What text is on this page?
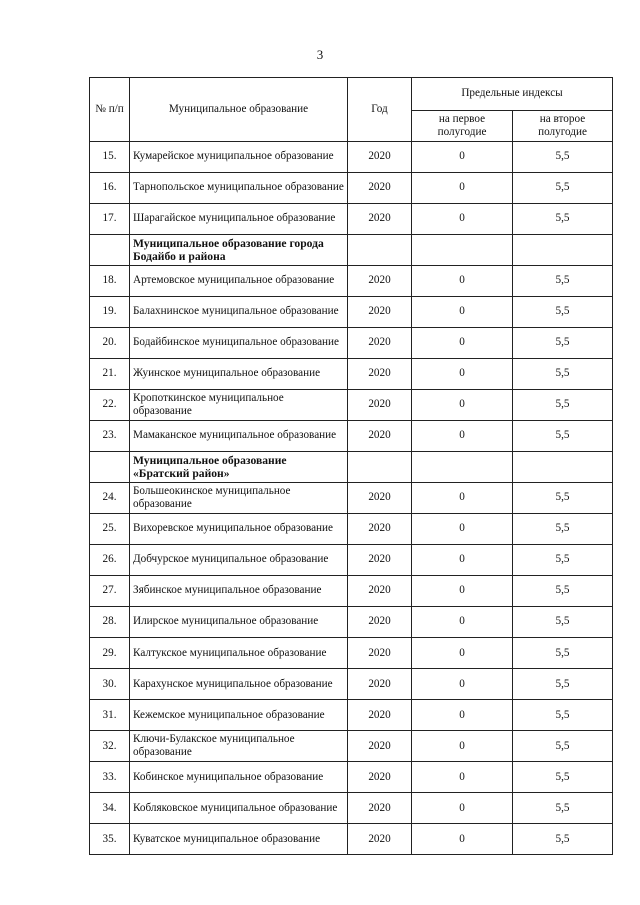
3
№ п/п	Муниципальное образование	Год	Предельные индексы	
			на первое полугодие	на второе полугодие
15.	Кумарейское муниципальное образование	2020	0	5,5
16.	Тарнопольское муниципальное образование	2020	0	5,5
17.	Шарагайское муниципальное образование	2020	0	5,5
	Муниципальное образование города Бодайбо и района			
18.	Артемовское муниципальное образование	2020	0	5,5
19.	Балахнинское муниципальное образование	2020	0	5,5
20.	Бодайбинское муниципальное образование	2020	0	5,5
21.	Жуинское муниципальное образование	2020	0	5,5
22.	Кропоткинское муниципальное образование	2020	0	5,5
23.	Мамаканское муниципальное образование	2020	0	5,5
	Муниципальное образование «Братский район»			
24.	Большеокинское муниципальное образование	2020	0	5,5
25.	Вихоревское муниципальное образование	2020	0	5,5
26.	Добчурское муниципальное образование	2020	0	5,5
27.	Зябинское муниципальное образование	2020	0	5,5
28.	Илирское муниципальное образование	2020	0	5,5
29.	Калтукское муниципальное образование	2020	0	5,5
30.	Карахунское муниципальное образование	2020	0	5,5
31.	Кежемское муниципальное образование	2020	0	5,5
32.	Ключи-Булакское муниципальное образование	2020	0	5,5
33.	Кобинское муниципальное образование	2020	0	5,5
34.	Кобляковское муниципальное образование	2020	0	5,5
35.	Куватское муниципальное образование	2020	0	5,5
